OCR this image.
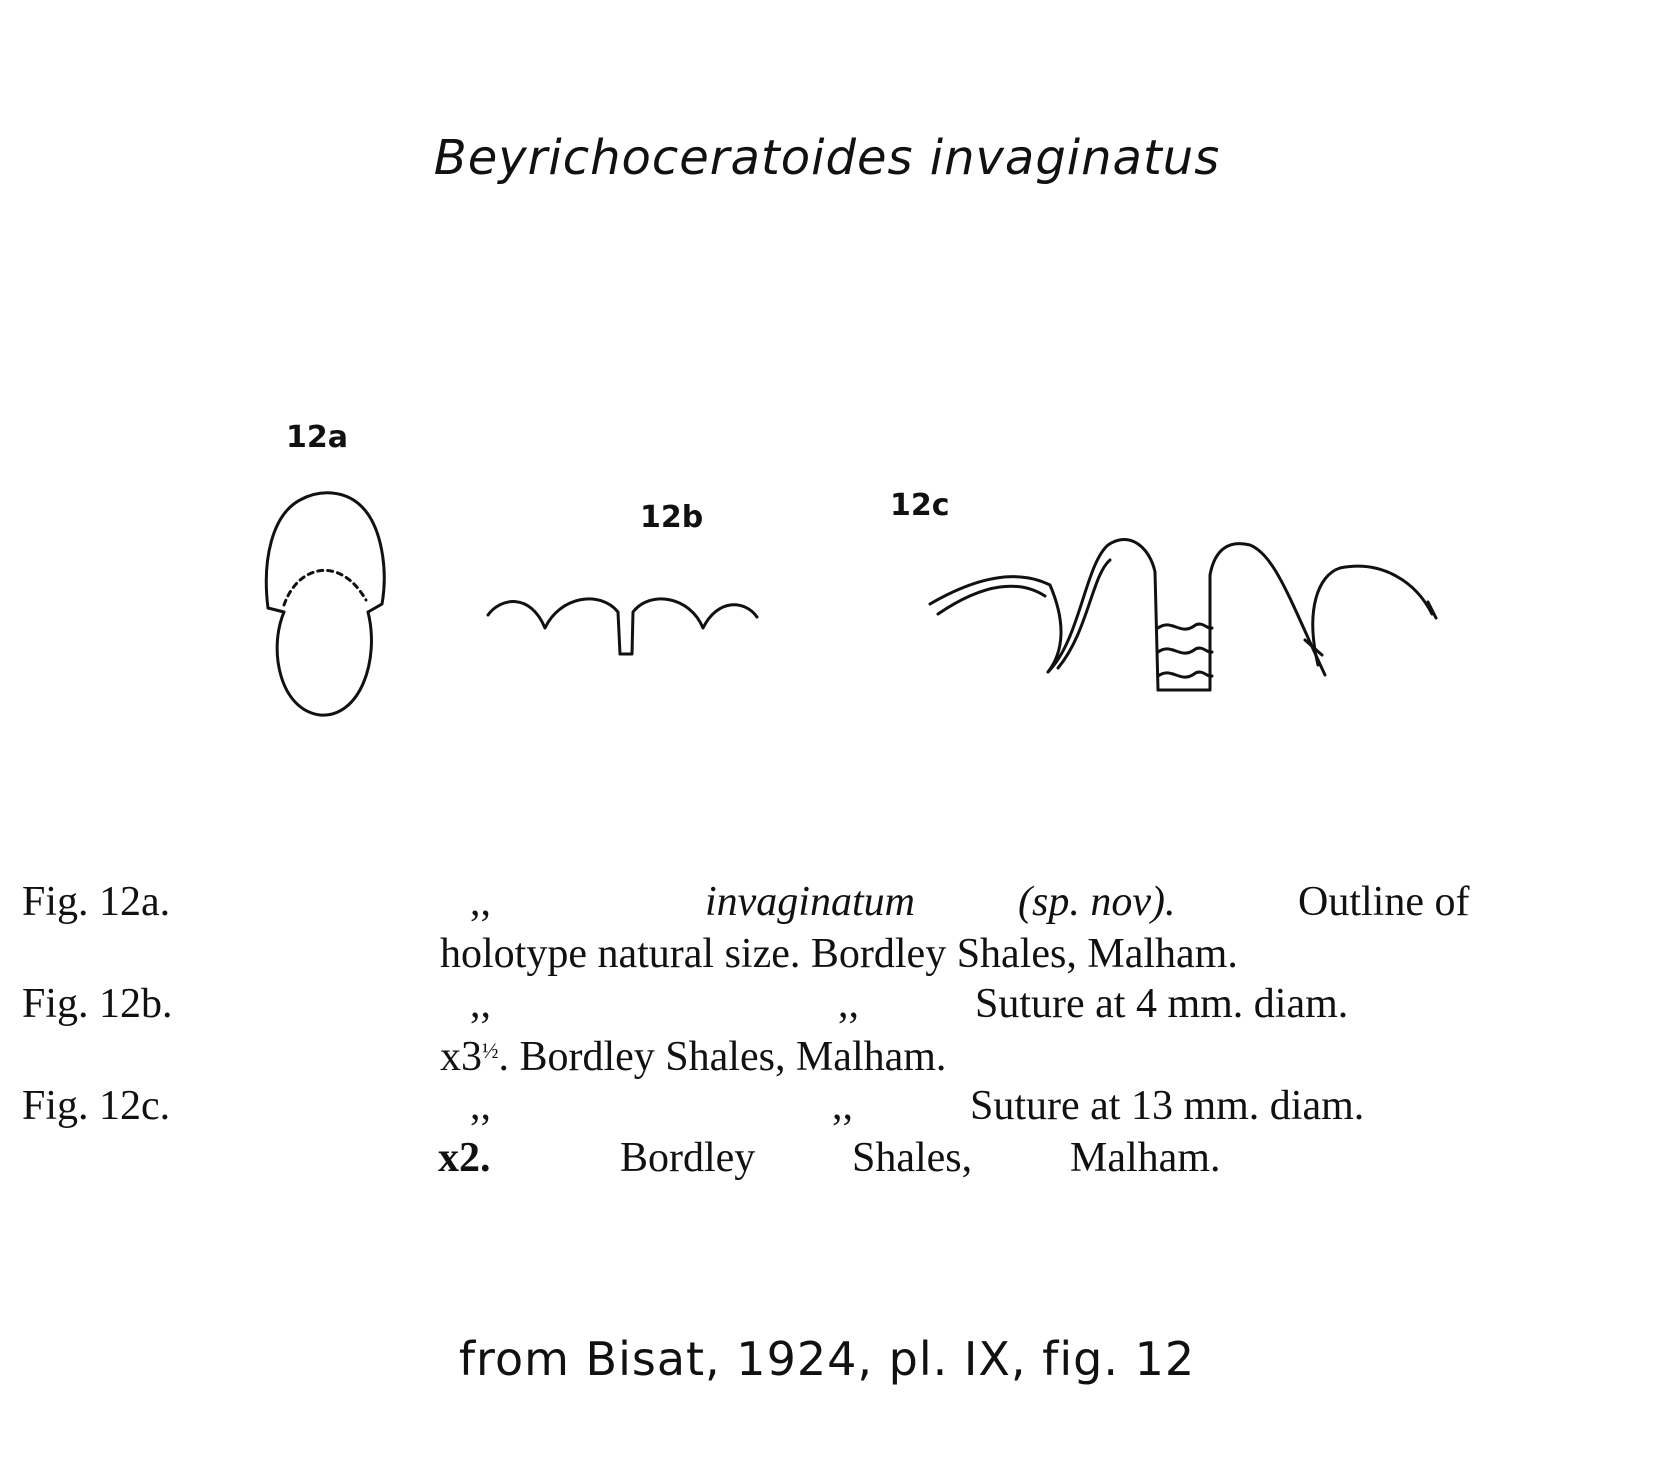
Beyrichoceratoides invaginatus
12a
12b	12c
Fig. 12a.	,,	invaginatum (sp. nov).	Outline of
holotype natural size. Bordley Shales, Malham.
Fig. 12b.	,,	,,	Suture at 4 mm. diam.
$x3^{\frac{1}{2}}$. Bordley Shales, Malham.
Fig. 12c.	,,	,,	Suture at 13 mm. diam.
x2.	Bordley Shales, Malham.
from Bisat, 1924, pl. IX, fig. 12
